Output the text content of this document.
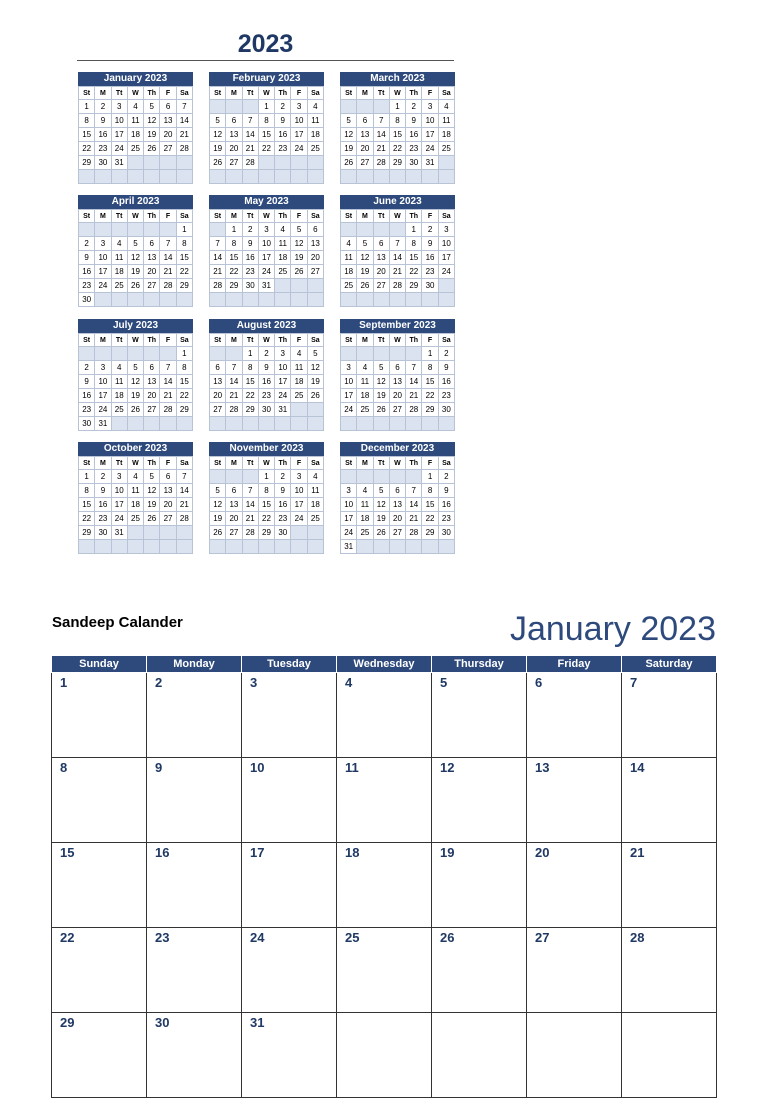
2023
January 2023
St	M	Tt	W	Th	F	Sa
1	2	3	4	5	6	7
8	9	10	11	12	13	14
15	16	17	18	19	20	21
22	23	24	25	26	27	28
29	30	31				

February 2023
St	M	Tt	W	Th	F	Sa
			1	2	3	4
5	6	7	8	9	10	11
12	13	14	15	16	17	18
19	20	21	22	23	24	25
26	27	28				

March 2023
St	M	Tt	W	Th	F	Sa
			1	2	3	4
5	6	7	8	9	10	11
12	13	14	15	16	17	18
19	20	21	22	23	24	25
26	27	28	29	30	31	

April 2023
St	M	Tt	W	Th	F	Sa
						1
2	3	4	5	6	7	8
9	10	11	12	13	14	15
16	17	18	19	20	21	22
23	24	25	26	27	28	29
30						
May 2023
St	M	Tt	W	Th	F	Sa
	1	2	3	4	5	6
7	8	9	10	11	12	13
14	15	16	17	18	19	20
21	22	23	24	25	26	27
28	29	30	31			

June 2023
St	M	Tt	W	Th	F	Sa
				1	2	3
4	5	6	7	8	9	10
11	12	13	14	15	16	17
18	19	20	21	22	23	24
25	26	27	28	29	30	

July 2023
St	M	Tt	W	Th	F	Sa
						1
2	3	4	5	6	7	8
9	10	11	12	13	14	15
16	17	18	19	20	21	22
23	24	25	26	27	28	29
30	31					
August 2023
St	M	Tt	W	Th	F	Sa
		1	2	3	4	5
6	7	8	9	10	11	12
13	14	15	16	17	18	19
20	21	22	23	24	25	26
27	28	29	30	31		

September 2023
St	M	Tt	W	Th	F	Sa
					1	2
3	4	5	6	7	8	9
10	11	12	13	14	15	16
17	18	19	20	21	22	23
24	25	26	27	28	29	30

October 2023
St	M	Tt	W	Th	F	Sa
1	2	3	4	5	6	7
8	9	10	11	12	13	14
15	16	17	18	19	20	21
22	23	24	25	26	27	28
29	30	31				

November 2023
St	M	Tt	W	Th	F	Sa
			1	2	3	4
5	6	7	8	9	10	11
12	13	14	15	16	17	18
19	20	21	22	23	24	25
26	27	28	29	30		

December 2023
St	M	Tt	W	Th	F	Sa
					1	2
3	4	5	6	7	8	9
10	11	12	13	14	15	16
17	18	19	20	21	22	23
24	25	26	27	28	29	30
31						
Sandeep Calander	January 2023
Sunday	Monday	Tuesday	Wednesday	Thursday	Friday	Saturday
1	2	3	4	5	6	7
8	9	10	11	12	13	14
15	16	17	18	19	20	21
22	23	24	25	26	27	28
29	30	31				
